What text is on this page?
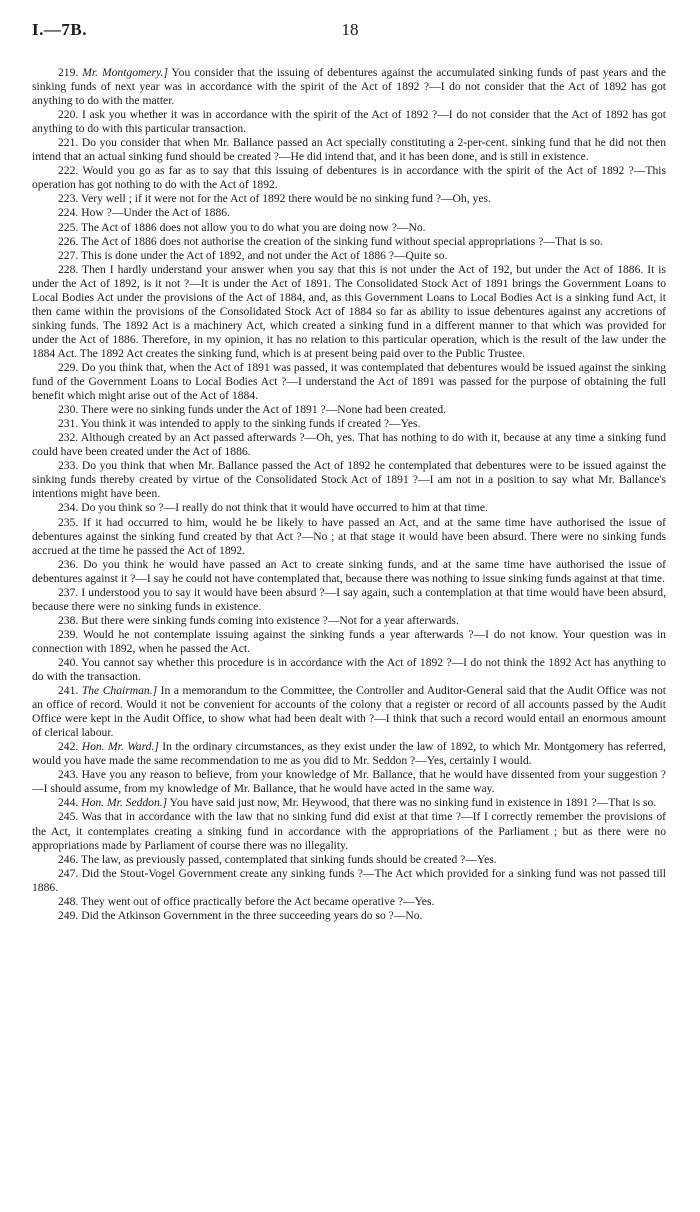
I.—7B.	18

219. Mr. Montgomery.] You consider that the issuing of debentures against the accumulated sinking funds of past years and the sinking funds of next year was in accordance with the spirit of the Act of 1892 ?—I do not consider that the Act of 1892 has got anything to do with the matter.

220. I ask you whether it was in accordance with the spirit of the Act of 1892 ?—I do not consider that the Act of 1892 has got anything to do with this particular transaction.

221. Do you consider that when Mr. Ballance passed an Act specially constituting a 2-per-cent. sinking fund that he did not then intend that an actual sinking fund should be created ?—He did intend that, and it has been done, and is still in existence.

222. Would you go as far as to say that this issuing of debentures is in accordance with the spirit of the Act of 1892 ?—This operation has got nothing to do with the Act of 1892.

223. Very well ; if it were not for the Act of 1892 there would be no sinking fund ?—Oh, yes.

224. How ?—Under the Act of 1886.

225. The Act of 1886 does not allow you to do what you are doing now ?—No.

226. The Act of 1886 does not authorise the creation of the sinking fund without special appropriations ?—That is so.

227. This is done under the Act of 1892, and not under the Act of 1886 ?—Quite so.

228. Then I hardly understand your answer when you say that this is not under the Act of 192, but under the Act of 1886. It is under the Act of 1892, is it not ?—It is under the Act of 1891. The Consolidated Stock Act of 1891 brings the Government Loans to Local Bodies Act under the provisions of the Act of 1884, and, as this Government Loans to Local Bodies Act is a sinking fund Act, it then came within the provisions of the Consolidated Stock Act of 1884 so far as ability to issue debentures against any accretions of sinking funds. The 1892 Act is a machinery Act, which created a sinking fund in a different manner to that which was provided for under the Act of 1886. Therefore, in my opinion, it has no relation to this particular operation, which is the result of the law under the 1884 Act. The 1892 Act creates the sinking fund, which is at present being paid over to the Public Trustee.

229. Do you think that, when the Act of 1891 was passed, it was contemplated that debentures would be issued against the sinking fund of the Government Loans to Local Bodies Act ?—I understand the Act of 1891 was passed for the purpose of obtaining the full benefit which might arise out of the Act of 1884.

230. There were no sinking funds under the Act of 1891 ?—None had been created.

231. You think it was intended to apply to the sinking funds if created ?—Yes.

232. Although created by an Act passed afterwards ?—Oh, yes. That has nothing to do with it, because at any time a sinking fund could have been created under the Act of 1886.

233. Do you think that when Mr. Ballance passed the Act of 1892 he contemplated that debentures were to be issued against the sinking funds thereby created by virtue of the Consolidated Stock Act of 1891 ?—I am not in a position to say what Mr. Ballance's intentions might have been.

234. Do you think so ?—I really do not think that it would have occurred to him at that time.

235. If it had occurred to him, would he be likely to have passed an Act, and at the same time have authorised the issue of debentures against the sinking fund created by that Act ?—No ; at that stage it would have been absurd. There were no sinking funds accrued at the time he passed the Act of 1892.

236. Do you think he would have passed an Act to create sinking funds, and at the same time have authorised the issue of debentures against it ?—I say he could not have contemplated that, because there was nothing to issue sinking funds against at that time.

237. I understood you to say it would have been absurd ?—I say again, such a contemplation at that time would have been absurd, because there were no sinking funds in existence.

238. But there were sinking funds coming into existence ?—Not for a year afterwards.

239. Would he not contemplate issuing against the sinking funds a year afterwards ?—I do not know. Your question was in connection with 1892, when he passed the Act.

240. You cannot say whether this procedure is in accordance with the Act of 1892 ?—I do not think the 1892 Act has anything to do with the transaction.

241. The Chairman.] In a memorandum to the Committee, the Controller and Auditor-General said that the Audit Office was not an office of record. Would it not be convenient for accounts of the colony that a register or record of all accounts passed by the Audit Office were kept in the Audit Office, to show what had been dealt with ?—I think that such a record would entail an enormous amount of clerical labour.

242. Hon. Mr. Ward.] In the ordinary circumstances, as they exist under the law of 1892, to which Mr. Montgomery has referred, would you have made the same recommendation to me as you did to Mr. Seddon ?—Yes, certainly I would.

243. Have you any reason to believe, from your knowledge of Mr. Ballance, that he would have dissented from your suggestion ?—I should assume, from my knowledge of Mr. Ballance, that he would have acted in the same way.

244. Hon. Mr. Seddon.] You have said just now, Mr. Heywood, that there was no sinking fund in existence in 1891 ?—That is so.

245. Was that in accordance with the law that no sinking fund did exist at that time ?—If I correctly remember the provisions of the Act, it contemplates creating a sinking fund in accordance with the appropriations of the Parliament ; but as there were no appropriations made by Parliament of course there was no illegality.

246. The law, as previously passed, contemplated that sinking funds should be created ?—Yes.

247. Did the Stout-Vogel Government create any sinking funds ?—The Act which provided for a sinking fund was not passed till 1886.

248. They went out of office practically before the Act became operative ?—Yes.

249. Did the Atkinson Government in the three succeeding years do so ?—No.
